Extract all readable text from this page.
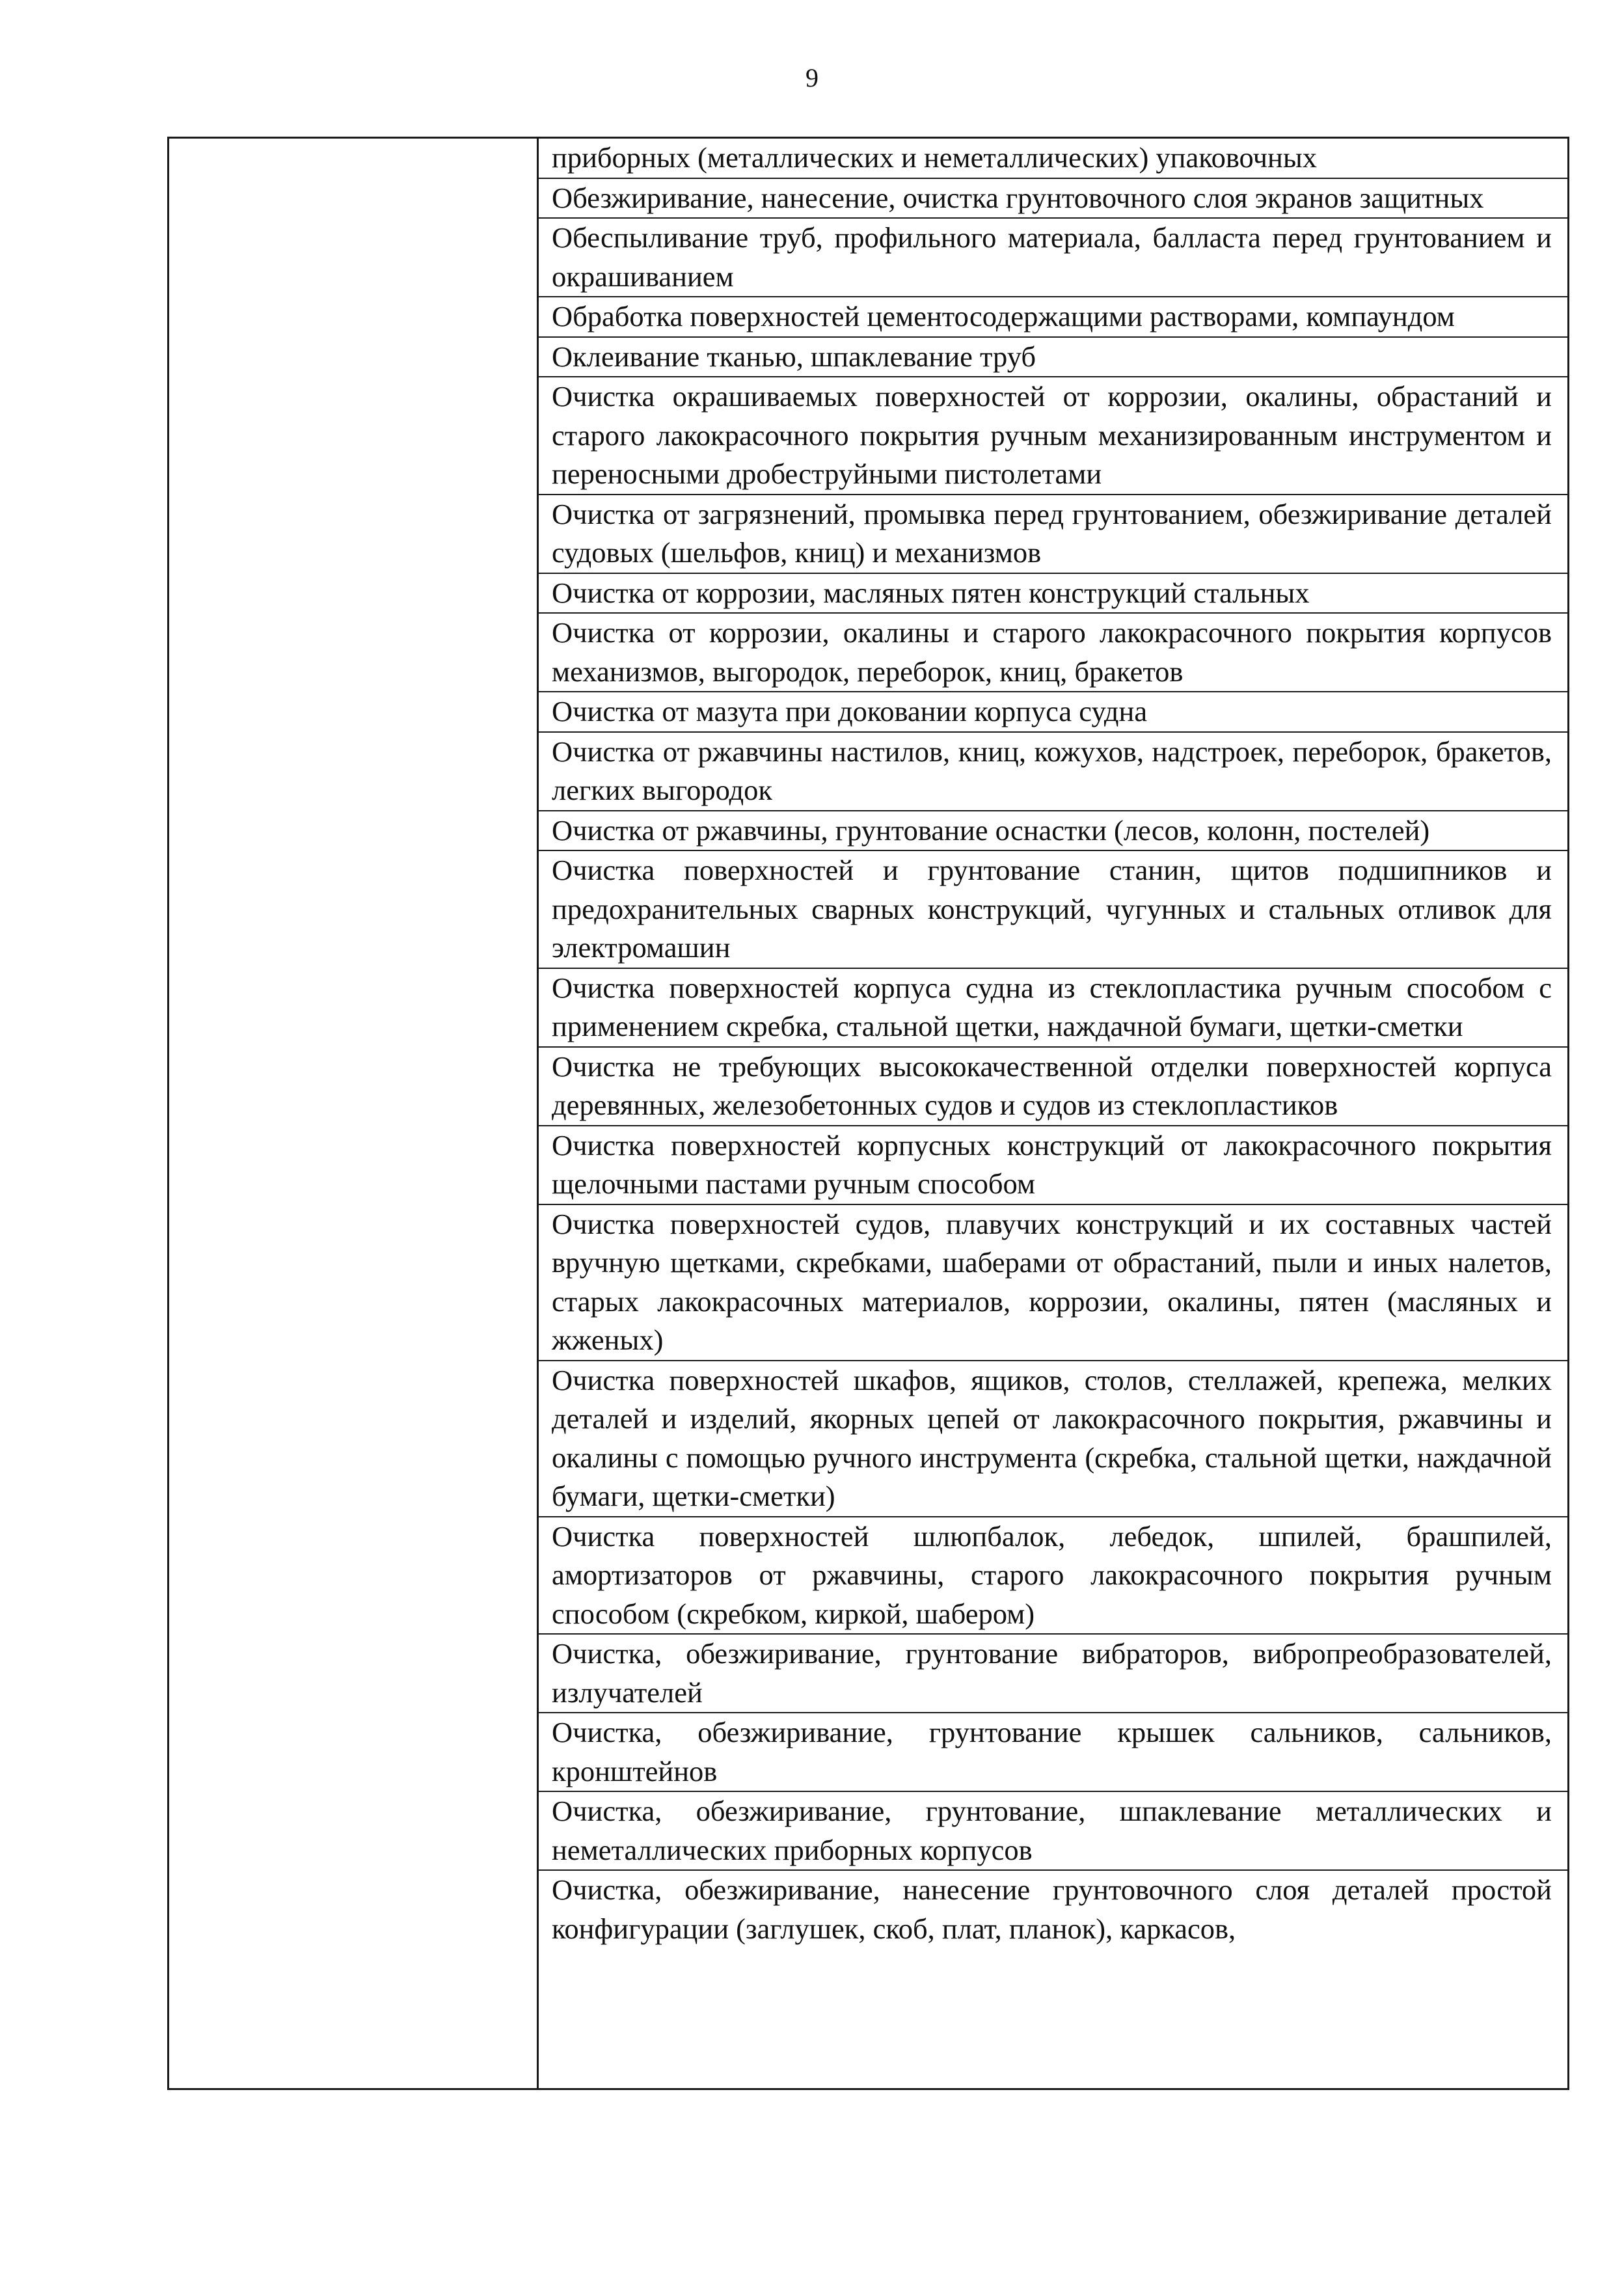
9

приборных (металлических и неметаллических) упаковочных

Обезжиривание, нанесение, очистка грунтовочного слоя экранов защитных

Обеспыливание труб, профильного материала, балласта перед грунтованием и окрашиванием

Обработка поверхностей цементосодержащими растворами, компаундом

Оклеивание тканью, шпаклевание труб

Очистка окрашиваемых поверхностей от коррозии, окалины, обрастаний и старого лакокрасочного покрытия ручным механизированным инструментом и переносными дробеструйными пистолетами

Очистка от загрязнений, промывка перед грунтованием, обезжиривание деталей судовых (шельфов, книц) и механизмов

Очистка от коррозии, масляных пятен конструкций стальных

Очистка от коррозии, окалины и старого лакокрасочного покрытия корпусов механизмов, выгородок, переборок, книц, бракетов

Очистка от мазута при доковании корпуса судна

Очистка от ржавчины настилов, книц, кожухов, надстроек, переборок, бракетов, легких выгородок

Очистка от ржавчины, грунтование оснастки (лесов, колонн, постелей)

Очистка поверхностей и грунтование станин, щитов подшипников и предохранительных сварных конструкций, чугунных и стальных отливок для электромашин

Очистка поверхностей корпуса судна из стеклопластика ручным способом с применением скребка, стальной щетки, наждачной бумаги, щетки-сметки

Очистка не требующих высококачественной отделки поверхностей корпуса деревянных, железобетонных судов и судов из стеклопластиков

Очистка поверхностей корпусных конструкций от лакокрасочного покрытия щелочными пастами ручным способом

Очистка поверхностей судов, плавучих конструкций и их составных частей вручную щетками, скребками, шаберами от обрастаний, пыли и иных налетов, старых лакокрасочных материалов, коррозии, окалины, пятен (масляных и жженых)

Очистка поверхностей шкафов, ящиков, столов, стеллажей, крепежа, мелких деталей и изделий, якорных цепей от лакокрасочного покрытия, ржавчины и окалины с помощью ручного инструмента (скребка, стальной щетки, наждачной бумаги, щетки-сметки)

Очистка поверхностей шлюпбалок, лебедок, шпилей, брашпилей, амортизаторов от ржавчины, старого лакокрасочного покрытия ручным способом (скребком, киркой, шабером)

Очистка, обезжиривание, грунтование вибраторов, вибропреобразователей, излучателей

Очистка, обезжиривание, грунтование крышек сальников, сальников, кронштейнов

Очистка, обезжиривание, грунтование, шпаклевание металлических и неметаллических приборных корпусов

Очистка, обезжиривание, нанесение грунтовочного слоя деталей простой конфигурации (заглушек, скоб, плат, планок), каркасов,
